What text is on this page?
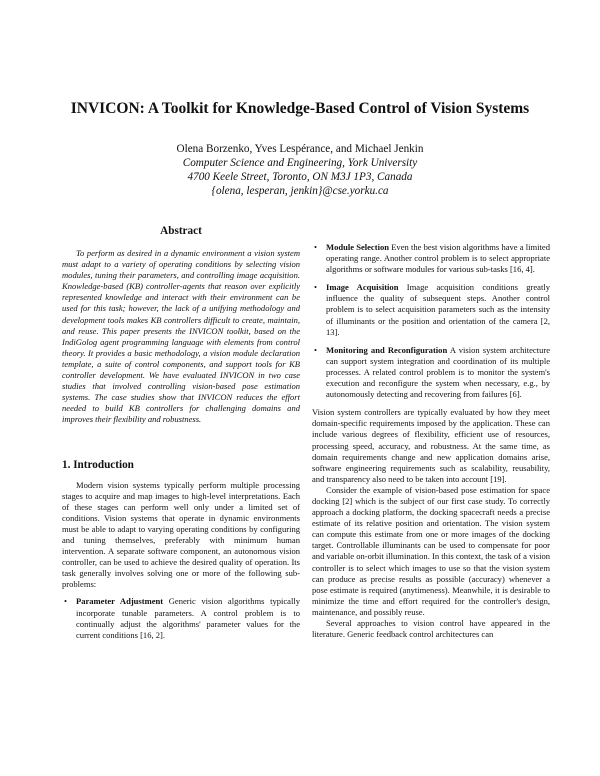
INVICON: A Toolkit for Knowledge-Based Control of Vision Systems
Olena Borzenko, Yves Lespérance, and Michael Jenkin
Computer Science and Engineering, York University
4700 Keele Street, Toronto, ON M3J 1P3, Canada
{olena, lesperan, jenkin}@cse.yorku.ca
Abstract

To perform as desired in a dynamic environment a vision system must adapt to a variety of operating conditions by selecting vision modules, tuning their parameters, and controlling image acquisition. Knowledge-based (KB) controller-agents that reason over explicitly represented knowledge and interact with their environment can be used for this task; however, the lack of a unifying methodology and development tools makes KB controllers difficult to create, maintain, and reuse. This paper presents the INVICON toolkit, based on the IndiGolog agent programming language with elements from control theory. It provides a basic methodology, a vision module declaration template, a suite of control components, and support tools for KB controller development. We have evaluated INVICON in two case studies that involved controlling vision-based pose estimation systems. The case studies show that INVICON reduces the effort needed to build KB controllers for challenging domains and improves their flexibility and robustness.

1. Introduction

Modern vision systems typically perform multiple processing stages to acquire and map images to high-level interpretations. Each of these stages can perform well only under a limited set of conditions. Vision systems that operate in dynamic environments must be able to adapt to varying operating conditions by configuring and tuning themselves, preferably with minimum human intervention. A separate software component, an autonomous vision controller, can be used to achieve the desired quality of operation. Its task generally involves solving one or more of the following sub-problems:

• Parameter Adjustment Generic vision algorithms typically incorporate tunable parameters. A control problem is to continually adjust the algorithms' parameter values for the current conditions [16, 2].
• Module Selection Even the best vision algorithms have a limited operating range. Another control problem is to select appropriate algorithms or software modules for various sub-tasks [16, 4].
• Image Acquisition Image acquisition conditions greatly influence the quality of subsequent steps. Another control problem is to select acquisition parameters such as the intensity of illuminants or the position and orientation of the camera [2, 13].
• Monitoring and Reconfiguration A vision system architecture can support system integration and coordination of its multiple processes. A related control problem is to monitor the system's execution and reconfigure the system when necessary, e.g., by autonomously detecting and recovering from failures [6].

Vision system controllers are typically evaluated by how they meet domain-specific requirements imposed by the application. These can include various degrees of flexibility, efficient use of resources, processing speed, accuracy, and robustness. At the same time, as domain requirements change and new application domains arise, software engineering requirements such as scalability, reusability, and transparency also need to be taken into account [19].

Consider the example of vision-based pose estimation for space docking [2] which is the subject of our first case study. To correctly approach a docking platform, the docking spacecraft needs a precise estimate of its relative position and orientation. The vision system can compute this estimate from one or more images of the docking target. Controllable illuminants can be used to compensate for poor and variable on-orbit illumination. In this context, the task of a vision controller is to select which images to use so that the vision system can produce as precise results as possible (accuracy) whenever a pose estimate is required (anytimeness). Meanwhile, it is desirable to minimize the time and effort required for the controller's design, maintenance, and possibly reuse.

Several approaches to vision control have appeared in the literature. Generic feedback control architectures can
